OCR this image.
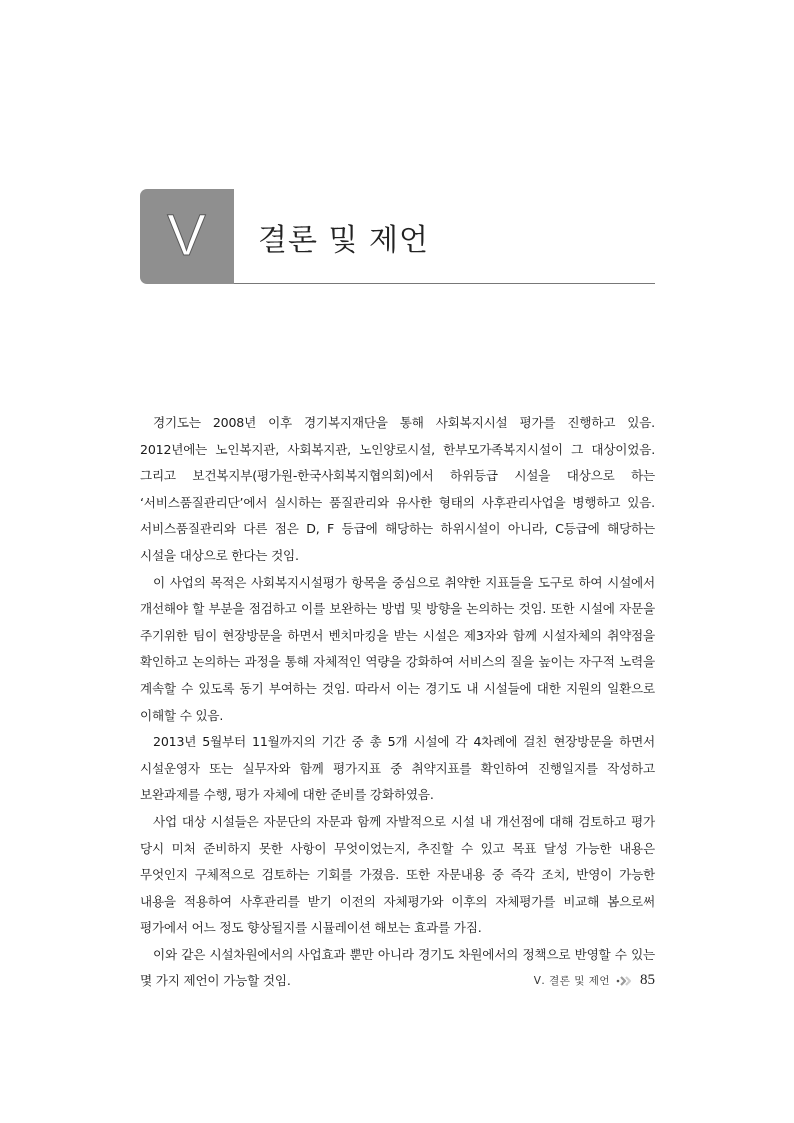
V 결론 및 제언

경기도는 2008년 이후 경기복지재단을 통해 사회복지시설 평가를 진행하고 있음. 2012년에는 노인복지관, 사회복지관, 노인양로시설, 한부모가족복지시설이 그 대상이었음. 그리고 보건복지부(평가원-한국사회복지협의회)에서 하위등급 시설을 대상으로 하는 ‘서비스품질관리단’에서 실시하는 품질관리와 유사한 형태의 사후관리사업을 병행하고 있음. 서비스품질관리와 다른 점은 D, F 등급에 해당하는 하위시설이 아니라, C등급에 해당하는 시설을 대상으로 한다는 것임.

이 사업의 목적은 사회복지시설평가 항목을 중심으로 취약한 지표들을 도구로 하여 시설에서 개선해야 할 부분을 점검하고 이를 보완하는 방법 및 방향을 논의하는 것임. 또한 시설에 자문을 주기위한 팀이 현장방문을 하면서 벤치마킹을 받는 시설은 제3자와 함께 시설자체의 취약점을 확인하고 논의하는 과정을 통해 자체적인 역량을 강화하여 서비스의 질을 높이는 자구적 노력을 계속할 수 있도록 동기 부여하는 것임. 따라서 이는 경기도 내 시설들에 대한 지원의 일환으로 이해할 수 있음.

2013년 5월부터 11월까지의 기간 중 총 5개 시설에 각 4차례에 걸친 현장방문을 하면서 시설운영자 또는 실무자와 함께 평가지표 중 취약지표를 확인하여 진행일지를 작성하고 보완과제를 수행, 평가 자체에 대한 준비를 강화하였음.

사업 대상 시설들은 자문단의 자문과 함께 자발적으로 시설 내 개선점에 대해 검토하고 평가 당시 미처 준비하지 못한 사항이 무엇이었는지, 추진할 수 있고 목표 달성 가능한 내용은 무엇인지 구체적으로 검토하는 기회를 가졌음. 또한 자문내용 중 즉각 조치, 반영이 가능한 내용을 적용하여 사후관리를 받기 이전의 자체평가와 이후의 자체평가를 비교해 봄으로써 평가에서 어느 정도 향상될지를 시뮬레이션 해보는 효과를 가짐.

이와 같은 시설차원에서의 사업효과 뿐만 아니라 경기도 차원에서의 정책으로 반영할 수 있는 몇 가지 제언이 가능할 것임.	Ⅴ. 결론 및 제언 85
